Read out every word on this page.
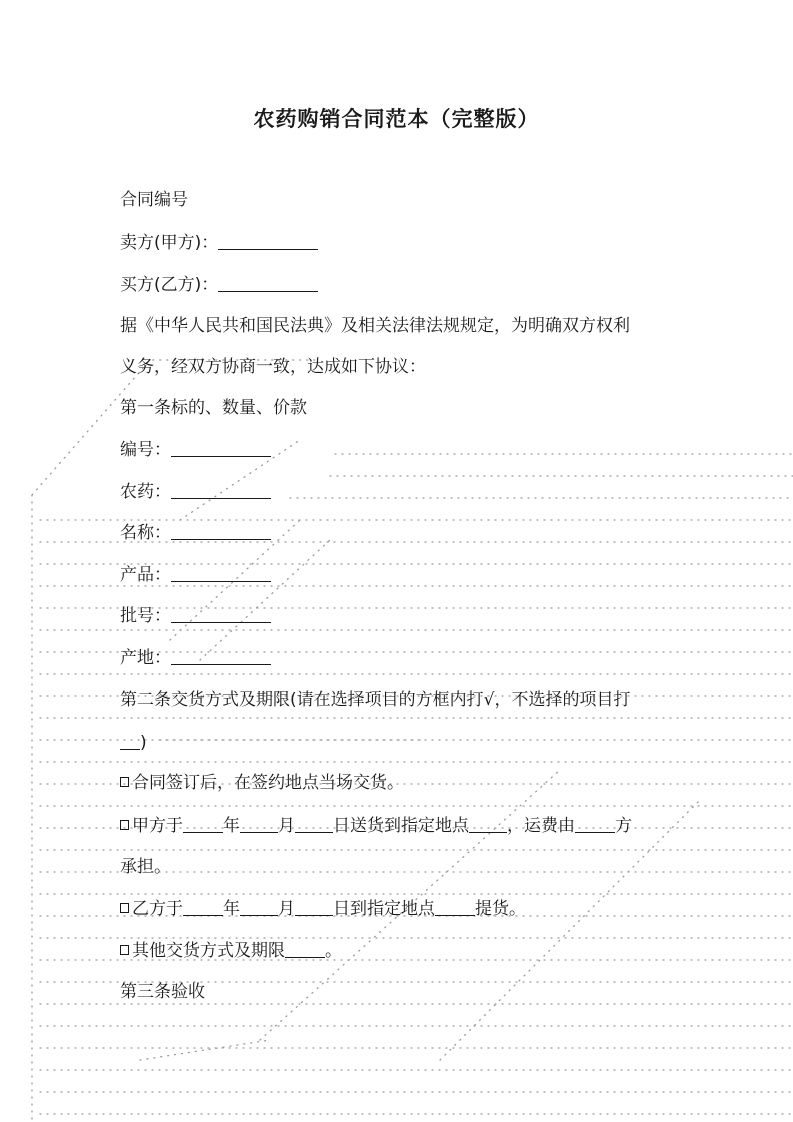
农药购销合同范本（完整版）
合同编号
卖方(甲方)：
买方(乙方)：
据《中华人民共和国民法典》及相关法律法规规定，为明确双方权利
义务，经双方协商一致，达成如下协议：
第一条标的、数量、价款
编号：
农药：
名称：
产品：
批号：
产地：
第二条交货方式及期限(请在选择项目的方框内打√，不选择的项目打
)
合同签订后，在签约地点当场交货。
甲方于 年 月 日送货到指定地点 ，运费由 方
承担。
乙方于 年 月 日到指定地点 提货。
其他交货方式及期限 。
第三条验收
